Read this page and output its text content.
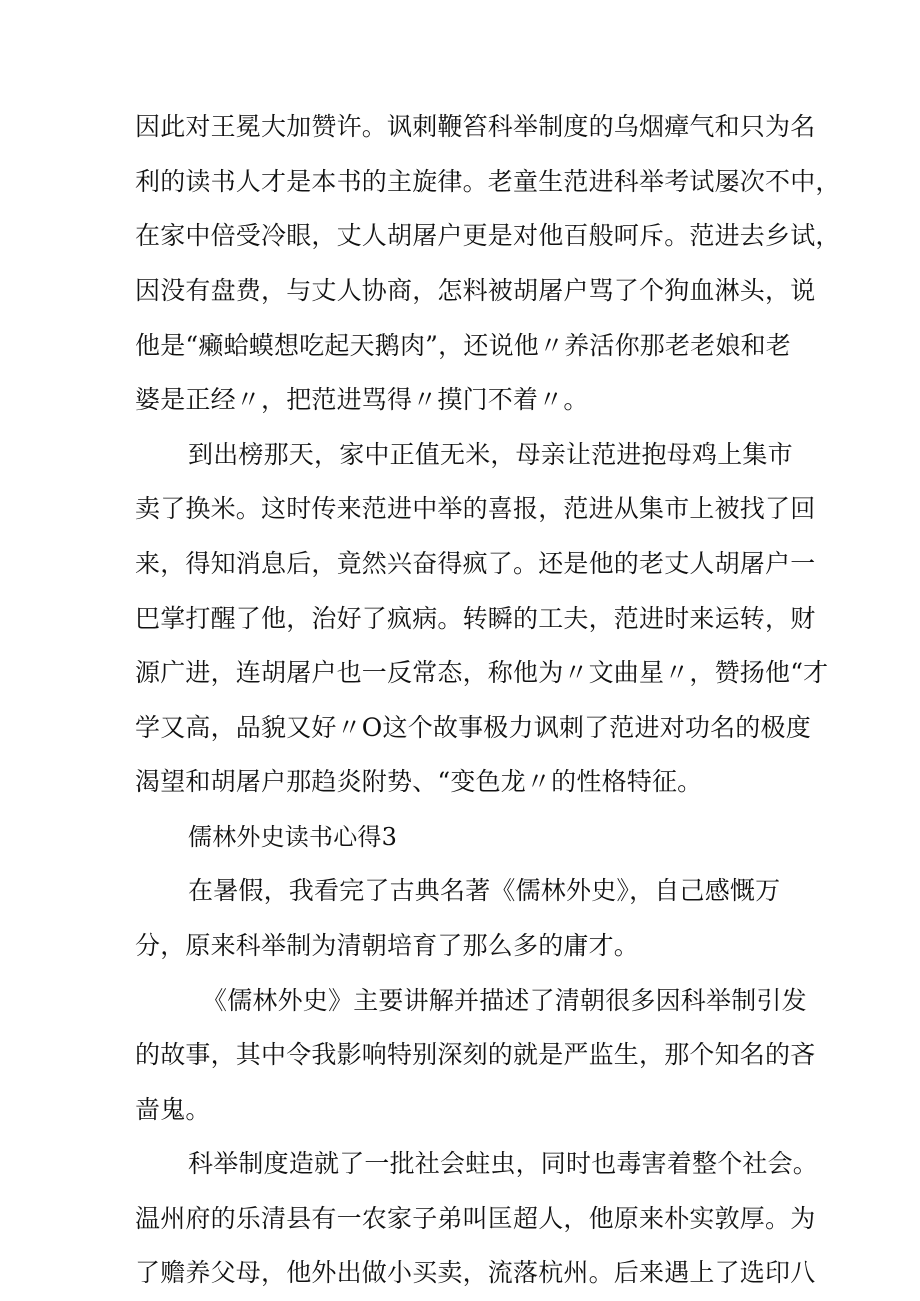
因此对王冕大加赞许。讽刺鞭笞科举制度的乌烟瘴气和只为名
利的读书人才是本书的主旋律。老童生范进科举考试屡次不中，
在家中倍受冷眼，丈人胡屠户更是对他百般呵斥。范进去乡试，
因没有盘费，与丈人协商，怎料被胡屠户骂了个狗血淋头，说
他是“癞蛤蟆想吃起天鹅肉”，还说他〃养活你那老老娘和老
婆是正经〃，把范进骂得〃摸门不着〃。
到出榜那天，家中正值无米，母亲让范进抱母鸡上集市
卖了换米。这时传来范进中举的喜报，范进从集市上被找了回
来，得知消息后，竟然兴奋得疯了。还是他的老丈人胡屠户一
巴掌打醒了他，治好了疯病。转瞬的工夫，范进时来运转，财
源广进，连胡屠户也一反常态，称他为〃文曲星〃，赞扬他“才
学又高，品貌又好〃O这个故事极力讽刺了范进对功名的极度
渴望和胡屠户那趋炎附势、“变色龙〃的性格特征。
儒林外史读书心得3
在暑假，我看完了古典名著《儒林外史》，自己感慨万
分，原来科举制为清朝培育了那么多的庸才。
《儒林外史》主要讲解并描述了清朝很多因科举制引发
的故事，其中令我影响特别深刻的就是严监生，那个知名的吝
啬鬼。
科举制度造就了一批社会蛀虫，同时也毒害着整个社会。
温州府的乐清县有一农家子弟叫匡超人，他原来朴实敦厚。为
了赡养父母，他外出做小买卖，流落杭州。后来遇上了选印八
